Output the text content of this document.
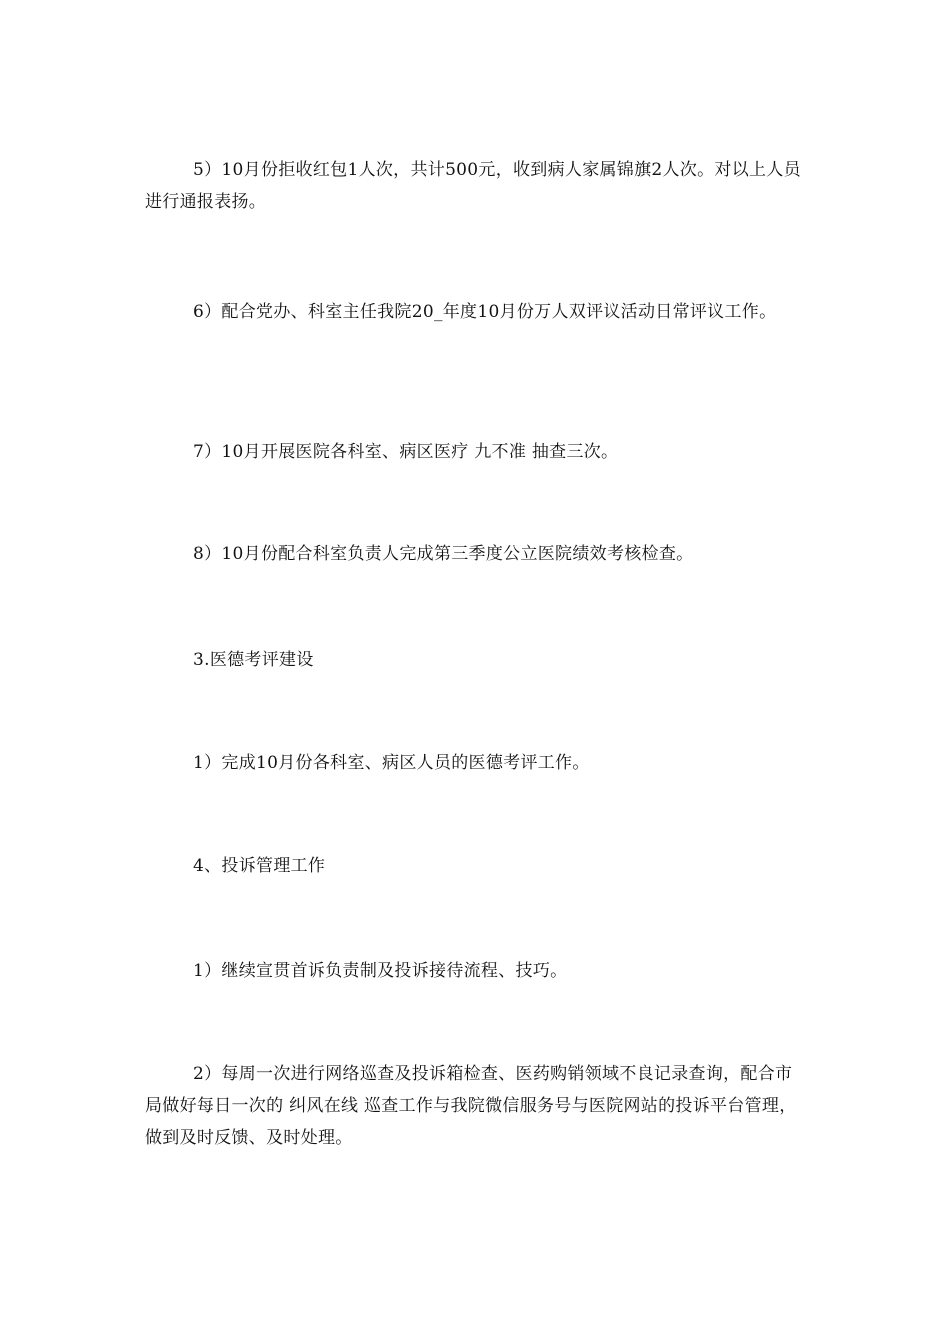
5）10月份拒收红包1人次，共计500元，收到病人家属锦旗2人次。对以上人员进行通报表扬。

6）配合党办、科室主任我院20_年度10月份万人双评议活动日常评议工作。

7）10月开展医院各科室、病区医疗 九不准 抽查三次。

8）10月份配合科室负责人完成第三季度公立医院绩效考核检查。

3.医德考评建设

1）完成10月份各科室、病区人员的医德考评工作。

4、投诉管理工作

1）继续宣贯首诉负责制及投诉接待流程、技巧。

2）每周一次进行网络巡查及投诉箱检查、医药购销领域不良记录查询，配合市局做好每日一次的 纠风在线 巡查工作与我院微信服务号与医院网站的投诉平台管理，做到及时反馈、及时处理。
